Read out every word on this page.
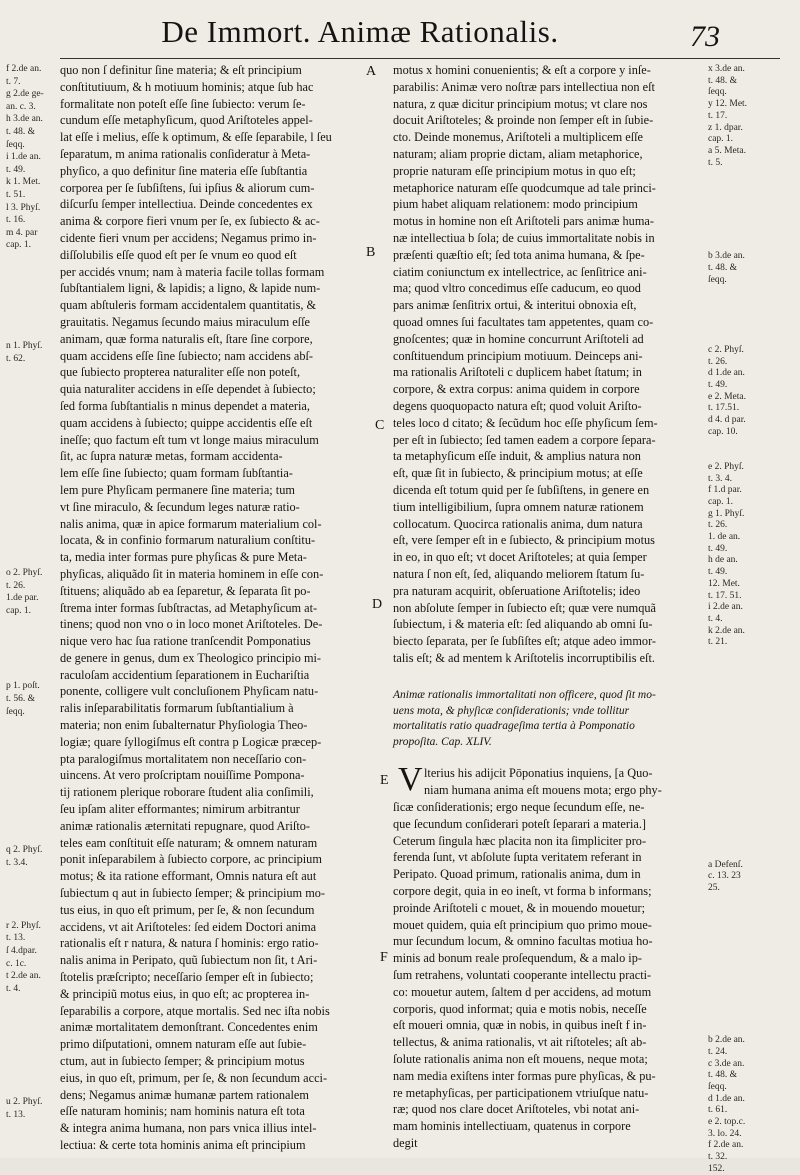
De Immort. Animæ Rationalis.	73
f 2.de an.
t. 7.
g 2.de ge-
an. c. 3.
h 3.de an.
t. 48. &
ſeqq.
i 1.de an.
t. 49.
k 1. Met.
t. 51.
l 3. Phyſ.
t. 16.
m 4. par
cap. 1.
n 1. Phyſ.
t. 62.
o 2. Phyſ.
t. 26.
1.de par.
cap. 1.
p 1. poſt.
t. 56. &
ſeqq.
q 2. Phyſ.
t. 3.4.
r 2. Phyſ.
t. 13.
ſ 4.dpar.
c. 1c.
t 2.de an.
t. 4.
u 2. Phyſ.
t. 13.
quo non ſ definitur ſine materia; & eſt principium
conſtitutiuum, & h motiuum hominis; atque ſub hac
formalitate non poteſt eſſe ſine ſubiecto: verum ſe-
cundum eſſe metaphyſicum, quod Ariſtoteles appel-
lat eſſe i melius, eſſe k optimum, & eſſe ſeparabile, l ſeu
ſeparatum, m anima rationalis conſideratur à Meta-
phyſico, a quo definitur ſine materia eſſe ſubſtantia
corporea per ſe ſubſiſtens, ſui ipſius & aliorum cum-
diſcurſu ſemper intellectiua. Deinde concedentes ex
anima & corpore fieri vnum per ſe, ex ſubiecto & ac-
cidente fieri vnum per accidens; Negamus primo in-
diſſolubilis eſſe quod eſt per ſe vnum eo quod eſt
per accidés vnum; nam à materia facile tollas formam
ſubſtantialem ligni, & lapidis; a ligno, & lapide num-
quam abſtuleris formam accidentalem quantitatis, &
grauitatis. Negamus ſecundo maius miraculum eſſe
animam, quæ forma naturalis eſt, ſtare ſine corpore,
quam accidens eſſe ſine ſubiecto; nam accidens abſ-
que ſubiecto propterea naturaliter eſſe non poteſt,
quia naturaliter accidens in eſſe dependet à ſubiecto;
ſed forma ſubſtantialis n minus dependet a materia,
quam accidens à ſubiecto; quippe accidentis eſſe eſt
ineſſe; quo factum eſt tum vt longe maius miraculum
ſit, ac ſupra naturæ metas, formam accidenta-
lem eſſe ſine ſubiecto; quam formam ſubſtantia-
lem pure Phyſicam permanere ſine materia; tum
vt ſine miraculo, & ſecundum leges naturæ ratio-
nalis anima, quæ in apice formarum materialium col-
locata, & in confinio formarum naturalium conſtitu-
ta, media inter formas pure phyſicas & pure Meta-
phyſicas, aliquãdo ſit in materia hominem in eſſe con-
ſtituens; aliquãdo ab ea ſeparetur, & ſeparata ſit po-
ſtrema inter formas ſubſtractas, ad Metaphyſicum at-
tinens; quod non vno o in loco monet Ariſtoteles. De-
nique vero hac ſua ratione tranſcendit Pomponatius
de genere in genus, dum ex Theologico principio mi-
raculoſam accidentium ſeparationem in Euchariſtia
ponente, colligere vult concluſionem Phyſicam natu-
ralis inſeparabilitatis formarum ſubſtantialium à
materia; non enim ſubalternatur Phyſiologia Theo-
logiæ; quare ſyllogiſmus eſt contra p Logicæ præcep-
pta paralogiſmus mortalitatem non neceſſario con-
uincens. At vero proſcriptam nouiſſime Pompona-
tij rationem plerique roborare ſtudent alia conſimili,
ſeu ipſam aliter efformantes; nimirum arbitrantur
animæ rationalis æternitati repugnare, quod Ariſto-
teles eam conſtituit eſſe naturam; & omnem naturam
ponit inſeparabilem à ſubiecto corpore, ac principium
motus; & ita ratione efformant, Omnis natura eſt aut
ſubiectum q aut in ſubiecto ſemper; & principium mo-
tus eius, in quo eſt primum, per ſe, & non ſecundum
accidens, vt ait Ariſtoteles: ſed eidem Doctori anima
rationalis eſt r natura, & natura ſ hominis: ergo ratio-
nalis anima in Peripato, quũ ſubiectum non ſit, t Ari-
ſtotelis præſcripto; neceſſario ſemper eſt in ſubiecto;
& principiũ motus eius, in quo eſt; ac propterea in-
ſeparabilis a corpore, atque mortalis. Sed nec iſta nobis
animæ mortalitatem demonſtrant. Concedentes enim
primo diſputationi, omnem naturam eſſe aut ſubie-
ctum, aut in ſubiecto ſemper; & principium motus
eius, in quo eſt, primum, per ſe, & non ſecundum acci-
dens; Negamus animæ humanæ partem rationalem
eſſe naturam hominis; nam hominis natura eſt tota
& integra anima humana, non pars vnica illius intel-
lectiua: & certe tota hominis anima eſt principium
A
B
C
D
E
F
motus x homini conuenientis; & eſt a corpore y inſe-
parabilis: Animæ vero noſtræ pars intellectiua non eſt
natura, z quæ dicitur principium motus; vt clare nos
docuit Ariſtoteles; & proinde non ſemper eſt in ſubie-
cto. Deinde monemus, Ariſtoteli a multiplicem eſſe
naturam; aliam proprie dictam, aliam metaphorice,
proprie naturam eſſe principium motus in quo eſt;
metaphorice naturam eſſe quodcumque ad tale princi-
pium habet aliquam relationem: modo principium
motus in homine non eſt Ariſtoteli pars animæ huma-
næ intellectiua b ſola; de cuius immortalitate nobis in
præſenti quæſtio eſt; ſed tota anima humana, & ſpe-
ciatim coniunctum ex intellectrice, ac ſenſitrice ani-
ma; quod vltro concedimus eſſe caducum, eo quod
pars animæ ſenſitrix ortui, & interitui obnoxia eſt,
quoad omnes ſui facultates tam appetentes, quam co-
gnoſcentes; quæ in homine concurrunt Ariſtoteli ad
conſtituendum principium motiuum. Deinceps ani-
ma rationalis Ariſtoteli c duplicem habet ſtatum; in
corpore, & extra corpus: anima quidem in corpore
degens quoquopacto natura eſt; quod voluit Ariſto-
teles loco d citato; & ſecũdum hoc eſſe phyſicum ſem-
per eſt in ſubiecto; ſed tamen eadem a corpore ſepara-
ta metaphyſicum eſſe induit, & amplius natura non
eſt, quæ ſit in ſubiecto, & principium motus; at eſſe
dicenda eſt totum quid per ſe ſubſiſtens, in genere en
tium intelligibilium, ſupra omnem naturæ rationem
collocatum. Quocirca rationalis anima, dum natura
eſt, vere ſemper eſt in e ſubiecto, & principium motus
in eo, in quo eſt; vt docet Ariſtoteles; at quia ſemper
natura ſ non eſt, ſed, aliquando meliorem ſtatum ſu-
pra naturam acquirit, obſeruatione Ariſtotelis; ideo
non abſolute ſemper in ſubiecto eſt; quæ vere numquã
ſubiectum, i & materia eſt: ſed aliquando ab omni ſu-
biecto ſeparata, per ſe ſubſiſtes eſt; atque adeo immor-
talis eſt; & ad mentem k Ariſtotelis incorruptibilis eſt.
Animæ rationalis immortalitati non officere, quod ſit mo-
uens mota, & phyſicæ conſiderationis; vnde tollitur
mortalitatis ratio quadrageſima tertia à Pomponatio
propoſita. Cap. XLIV.
V lterius his adijcit Pōponatius inquiens, [a Quo-
niam humana anima eſt mouens mota; ergo phy-
ſicæ conſiderationis; ergo neque ſecundum eſſe, ne-
que ſecundum conſiderari poteſt ſeparari a materia.]
Ceterum ſingula hæc placita non ita ſimpliciter pro-
ferenda ſunt, vt abſolute ſupta veritatem referant in
Peripato. Quoad primum, rationalis anima, dum in
corpore degit, quia in eo ineſt, vt forma b informans;
proinde Ariſtoteli c mouet, & in mouendo mouetur;
mouet quidem, quia eſt principium quo primo moue-
mur ſecundum locum, & omnino facultas motiua ho-
minis ad bonum reale proſequendum, & a malo ip-
ſum retrahens, voluntati cooperante intellectu practi-
co: mouetur autem, ſaltem d per accidens, ad motum
corporis, quod informat; quia e motis nobis, neceſſe
eſt moueri omnia, quæ in nobis, in quibus ineſt f in-
tellectus, & anima rationalis, vt ait riſtoteles; aſt ab-
ſolute rationalis anima non eſt mouens, neque mota;
nam media exiſtens inter formas pure phyſicas, & pu-
re metaphyſicas, per participationem vtriuſque natu-
ræ; quod nos clare docet Ariſtoteles, vbi notat ani-
mam hominis intellectiuam, quatenus in corpore
degit
x 3.de an.
t. 48. &
ſeqq.
y 12. Met.
t. 17.
z 1. dpar.
cap. 1.
a 5. Meta.
t. 5.
b 3.de an.
t. 48. &
ſeqq.
c 2. Phyſ.
t. 26.
d 1.de an.
t. 49.
e 2. Meta.
t. 17.51.
d 4. d par.
cap. 10.
e 2. Phyſ.
t. 3. 4.
f 1.d par.
cap. 1.
g 1. Phyſ.
t. 26.
1. de an.
t. 49.
h de an.
t. 49.
12. Met.
t. 17. 51.
i 2.de an.
t. 4.
k 2.de an.
t. 21.
a Defenſ.
c. 13. 23
25.
b 2.de an.
t. 24.
c 3.de an.
t. 48. &
ſeqq.
d 1.de an.
t. 61.
e 2. top.c.
3. lo. 24.
f 2.de an.
t. 32.
152.
